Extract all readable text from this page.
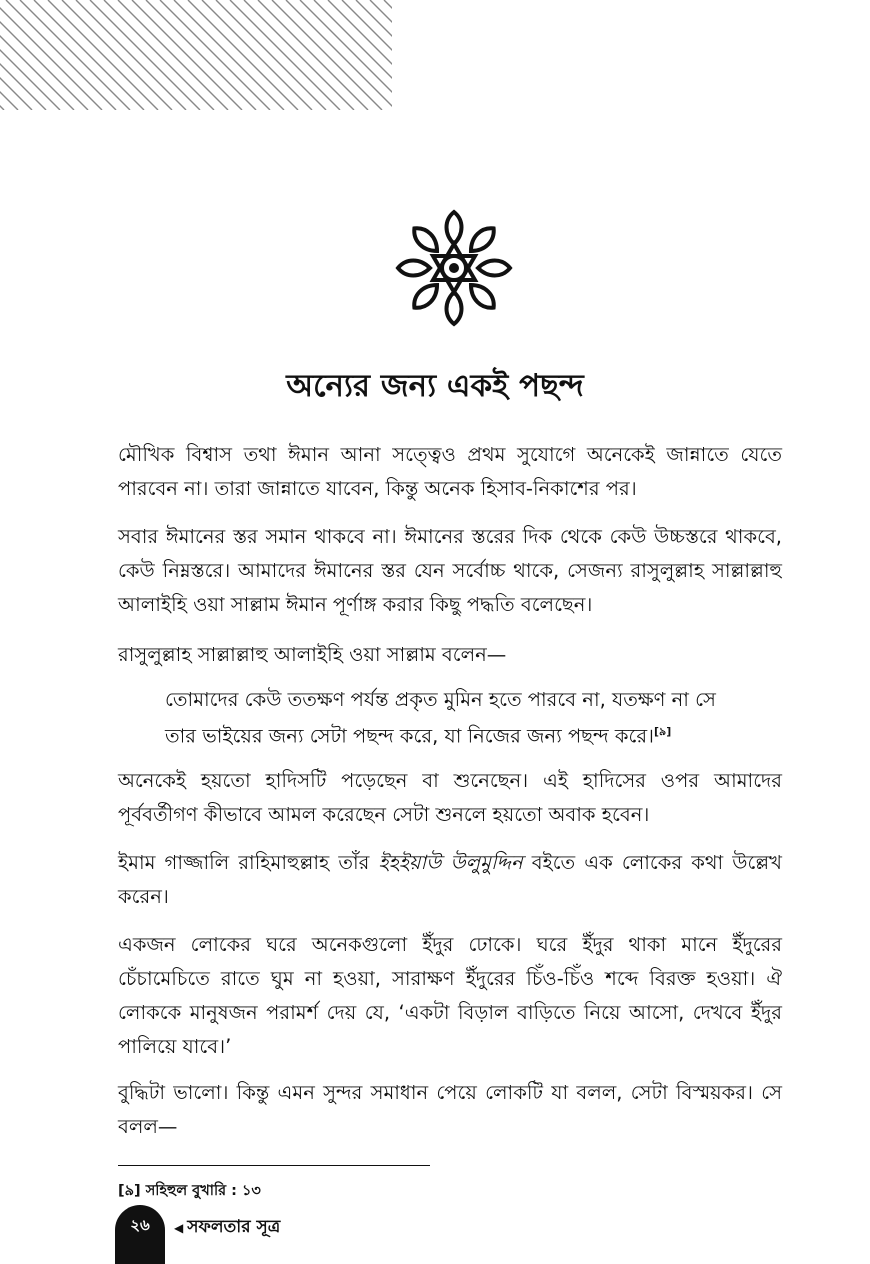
অন্যের জন্য একই পছন্দ

মৌখিক বিশ্বাস তথা ঈমান আনা সত্ত্বেও প্রথম সুযোগে অনেকেই জান্নাতে যেতে পারবেন না। তারা জান্নাতে যাবেন, কিন্তু অনেক হিসাব-নিকাশের পর।

সবার ঈমানের স্তর সমান থাকবে না। ঈমানের স্তরের দিক থেকে কেউ উচ্চস্তরে থাকবে, কেউ নিম্নস্তরে। আমাদের ঈমানের স্তর যেন সর্বোচ্চ থাকে, সেজন্য রাসুলুল্লাহ সাল্লাল্লাহু আলাইহি ওয়া সাল্লাম ঈমান পূর্ণাঙ্গ করার কিছু পদ্ধতি বলেছেন।

রাসুলুল্লাহ সাল্লাল্লাহু আলাইহি ওয়া সাল্লাম বলেন—

তোমাদের কেউ ততক্ষণ পর্যন্ত প্রকৃত মুমিন হতে পারবে না, যতক্ষণ না সে
তার ভাইয়ের জন্য সেটা পছন্দ করে, যা নিজের জন্য পছন্দ করে।[৯]

অনেকেই হয়তো হাদিসটি পড়েছেন বা শুনেছেন। এই হাদিসের ওপর আমাদের পূর্ববর্তীগণ কীভাবে আমল করেছেন সেটা শুনলে হয়তো অবাক হবেন।

ইমাম গাজ্জালি রাহিমাহুল্লাহ তাঁর ইহইয়াউ উলুমুদ্দিন বইতে এক লোকের কথা উল্লেখ করেন।

একজন লোকের ঘরে অনেকগুলো ইঁদুর ঢোকে। ঘরে ইঁদুর থাকা মানে ইঁদুরের চেঁচামেচিতে রাতে ঘুম না হওয়া, সারাক্ষণ ইঁদুরের চিঁও-চিঁও শব্দে বিরক্ত হওয়া। ঐ লোককে মানুষজন পরামর্শ দেয় যে, ‘একটা বিড়াল বাড়িতে নিয়ে আসো, দেখবে ইঁদুর পালিয়ে যাবে।’

বুদ্ধিটা ভালো। কিন্তু এমন সুন্দর সমাধান পেয়ে লোকটি যা বলল, সেটা বিস্ময়কর। সে বলল—

[৯] সহিহুল বুখারি : ১৩
২৬	◀ সফলতার সূত্র
